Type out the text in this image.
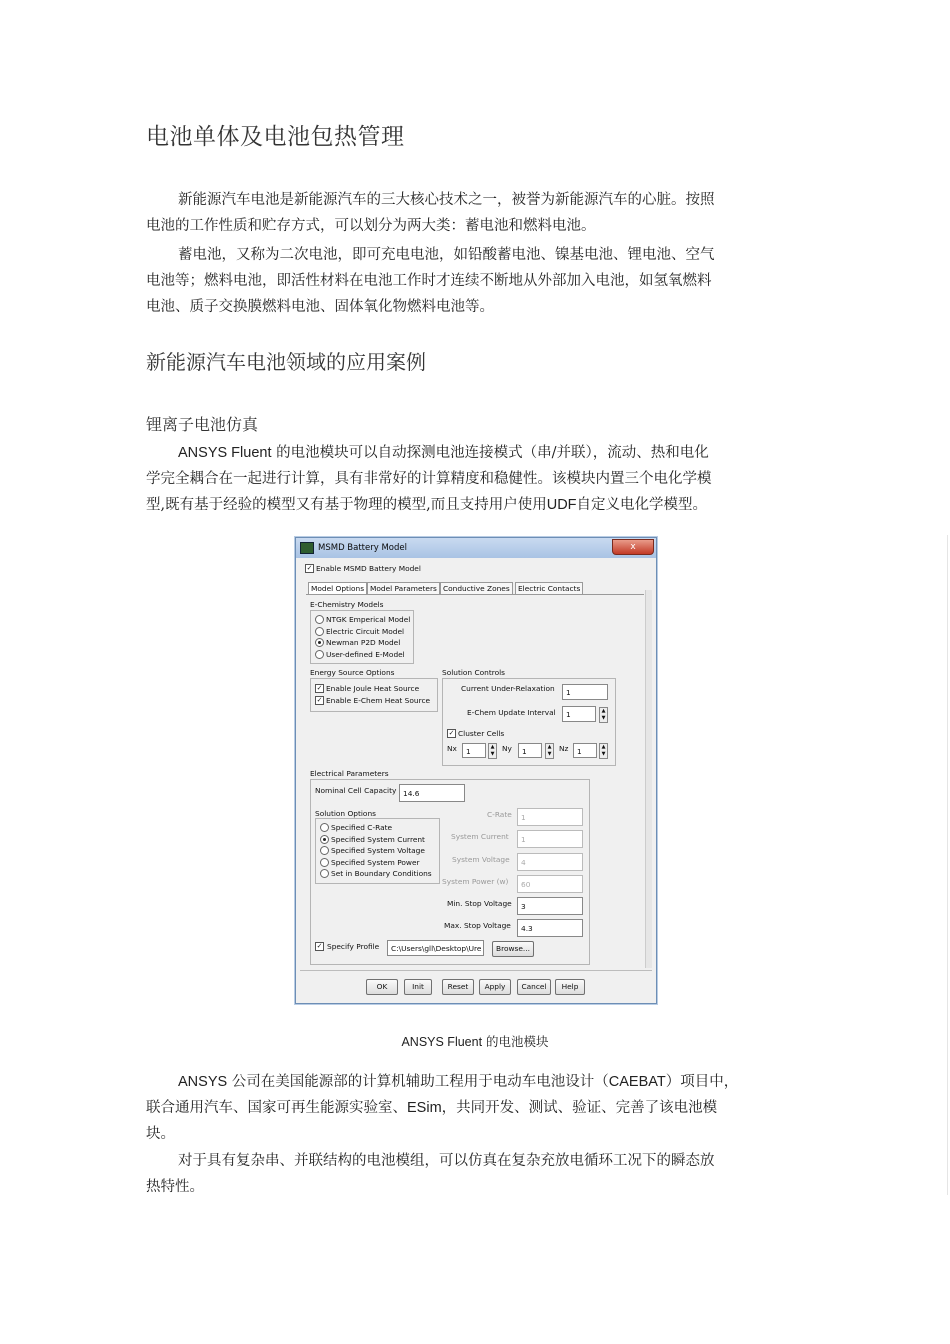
电池单体及电池包热管理
新能源汽车电池是新能源汽车的三大核心技术之一，被誉为新能源汽车的心脏。按照
电池的工作性质和贮存方式，可以划分为两大类：蓄电池和燃料电池。
蓄电池，又称为二次电池，即可充电电池，如铅酸蓄电池、镍基电池、锂电池、空气
电池等；燃料电池，即活性材料在电池工作时才连续不断地从外部加入电池，如氢氧燃料
电池、质子交换膜燃料电池、固体氧化物燃料电池等。
新能源汽车电池领域的应用案例
锂离子电池仿真
ANSYS Fluent 的电池模块可以自动探测电池连接模式（串/并联），流动、热和电化
学完全耦合在一起进行计算，具有非常好的计算精度和稳健性。该模块内置三个电化学模
型,既有基于经验的模型又有基于物理的模型,而且支持用户使用UDF自定义电化学模型。
MSMD Battery Model	x
✓ Enable MSMD Battery Model
Model Options Model Parameters Conductive Zones	Electric Contacts
E-Chemistry Models
NTGK Emperical Model
Electric Circuit Model
Newman P2D Model
User-defined E-Model
Energy Source Options
✓ Enable Joule Heat Source
✓ Enable E-Chem Heat Source
Solution Controls
Current Under-Relaxation	1
E-Chem Update Interval	1	▲
▼
✓ Cluster Cells
Nx	1	▲
▼
Ny	1	▲
▼
Nz	1	▲
▼
Electrical Parameters
Nominal Cell Capacity 14.6
Solution Options
Specified C-Rate
Specified System Current
Specified System Voltage
Specified System Power
Set in Boundary Conditions
C-Rate	1
System Current	1
System Voltage	4
System Power (w)	60
Min. Stop Voltage	3
Max. Stop Voltage	4.3
✓ Specify Profile	C:\Users\gll\Desktop\Ure	Browse...
OK	Init	Reset	Apply	Cancel	Help
ANSYS Fluent 的电池模块
ANSYS 公司在美国能源部的计算机辅助工程用于电动车电池设计（CAEBAT）项目中，
联合通用汽车、国家可再生能源实验室、ESim，共同开发、测试、验证、完善了该电池模
块。
对于具有复杂串、并联结构的电池模组，可以仿真在复杂充放电循环工况下的瞬态放
热特性。
